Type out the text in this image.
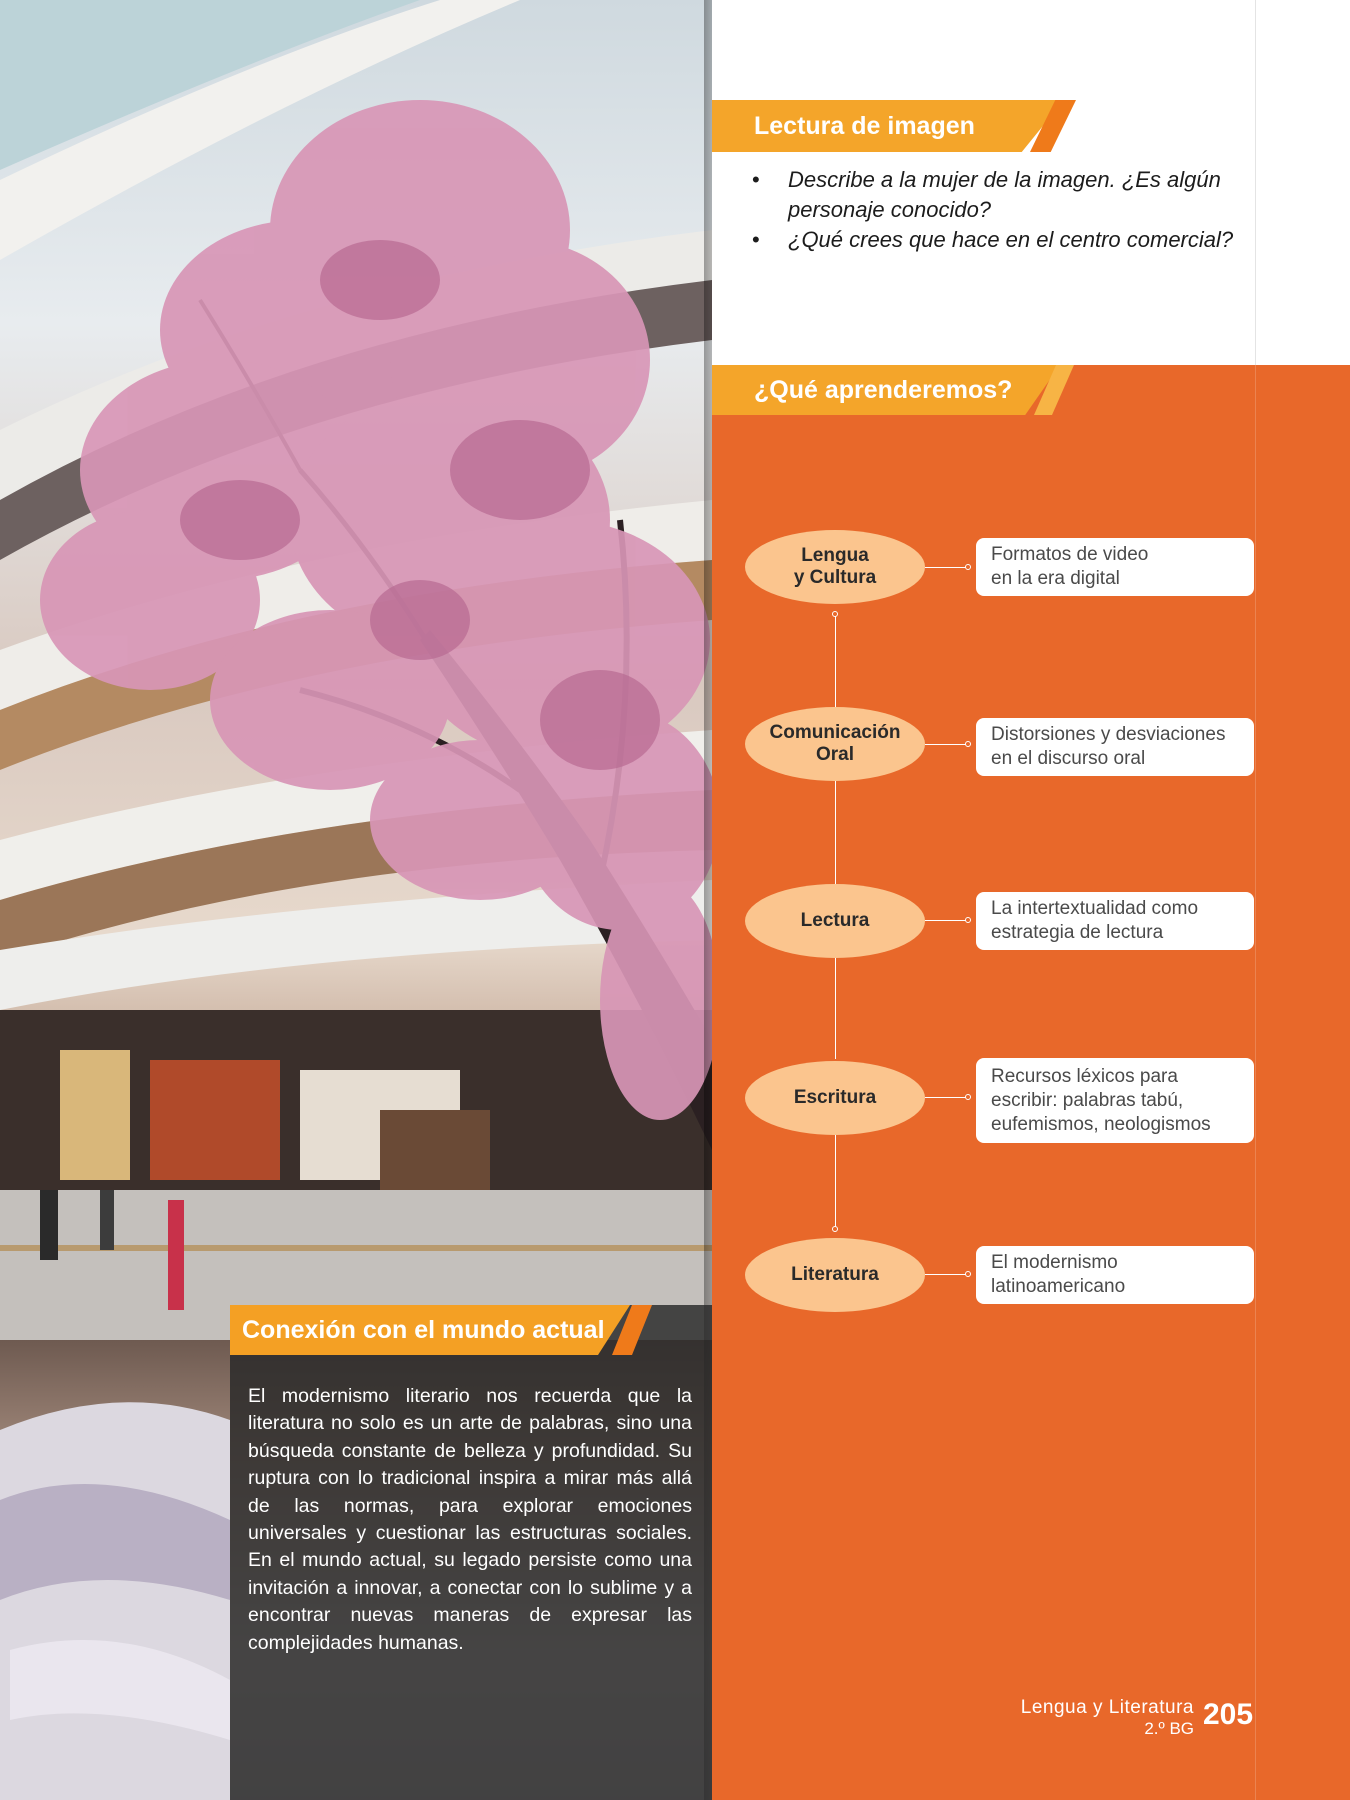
Conexión con el mundo actual
El modernismo literario nos recuerda que la literatura no solo es un arte de palabras, sino una búsqueda constante de belleza y profundidad. Su ruptura con lo tradicional inspira a mirar más allá de las normas, para explorar emociones universales y cuestionar las estructuras sociales. En el mundo actual, su legado persiste como una invitación a innovar, a conectar con lo sublime y a encontrar nuevas maneras de expresar las complejidades humanas.
Lectura de imagen
• Describe a la mujer de la imagen. ¿Es algún personaje conocido?
• ¿Qué crees que hace en el centro comercial?
¿Qué aprenderemos?
Lengua
y Cultura
Comunicación
Oral
Lectura
Escritura
Literatura
Formatos de video
en la era digital
Distorsiones y desviaciones
en el discurso oral
La intertextualidad como
estrategia de lectura
Recursos léxicos para
escribir: palabras tabú,
eufemismos, neologismos
El modernismo
latinoamericano
Lengua y Literatura
2.º BG 205
